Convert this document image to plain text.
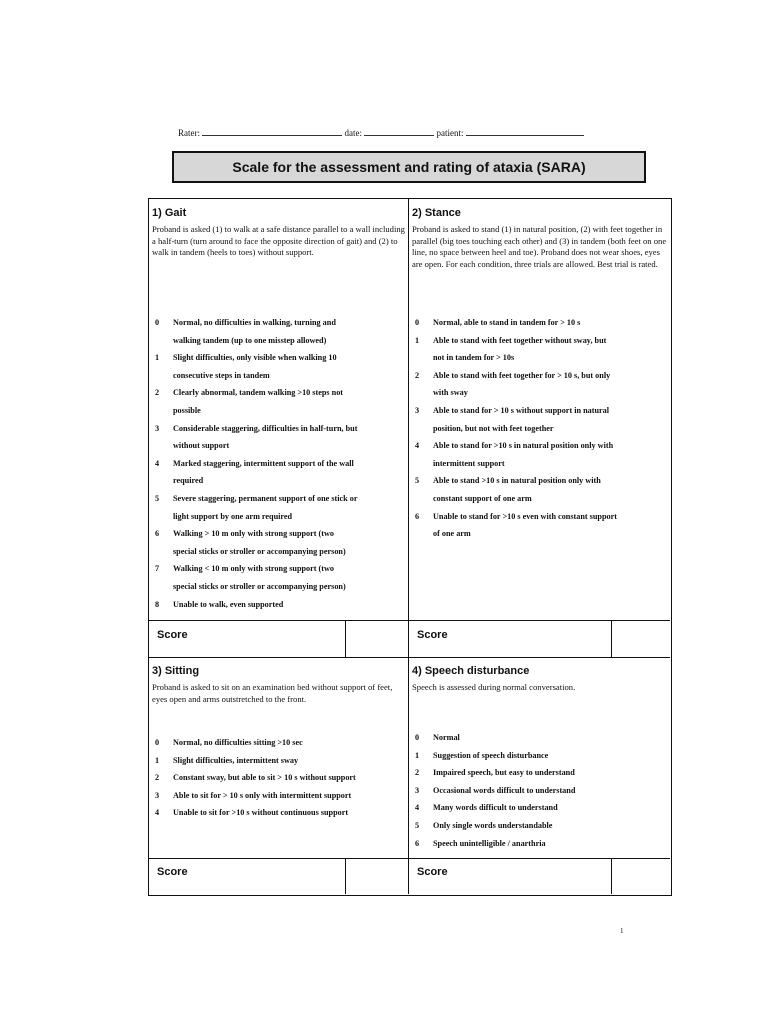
Rater:	date:	patient:
Scale for the assessment and rating of ataxia (SARA)
1) Gait

Proband is asked (1) to walk at a safe distance parallel to a wall including a half-turn (turn around to face the opposite direction of gait) and (2) to walk in tandem (heels to toes) without support.

0 Normal, no difficulties in walking, turning and
walking tandem (up to one misstep allowed)
1 Slight difficulties, only visible when walking 10
consecutive steps in tandem
2 Clearly abnormal, tandem walking >10 steps not
possible
3 Considerable staggering, difficulties in half-turn, but
without support
4 Marked staggering, intermittent support of the wall
required
5 Severe staggering, permanent support of one stick or
light support by one arm required
6 Walking > 10 m only with strong support (two
special sticks or stroller or accompanying person)
7 Walking < 10 m only with strong support (two
special sticks or stroller or accompanying person)
8 Unable to walk, even supported
Score
2) Stance

Proband is asked to stand (1) in natural position, (2) with feet together in parallel (big toes touching each other) and (3) in tandem (both feet on one line, no space between heel and toe). Proband does not wear shoes, eyes are open. For each condition, three trials are allowed. Best trial is rated.

0 Normal, able to stand in tandem for > 10 s
1 Able to stand with feet together without sway, but
not in tandem for > 10s
2 Able to stand with feet together for > 10 s, but only
with sway
3 Able to stand for > 10 s without support in natural
position, but not with feet together
4 Able to stand for >10 s in natural position only with
intermittent support
5 Able to stand >10 s in natural position only with
constant support of one arm
6 Unable to stand for >10 s even with constant support
of one arm
Score
3) Sitting

Proband is asked to sit on an examination bed without support of feet, eyes open and arms outstretched to the front.

0 Normal, no difficulties sitting >10 sec
1 Slight difficulties, intermittent sway
2 Constant sway, but able to sit > 10 s without support
3 Able to sit for > 10 s only with intermittent support
4 Unable to sit for >10 s without continuous support
Score
4) Speech disturbance

Speech is assessed during normal conversation.

0 Normal
1 Suggestion of speech disturbance
2 Impaired speech, but easy to understand
3 Occasional words difficult to understand
4 Many words difficult to understand
5 Only single words understandable
6 Speech unintelligible / anarthria
Score
1
